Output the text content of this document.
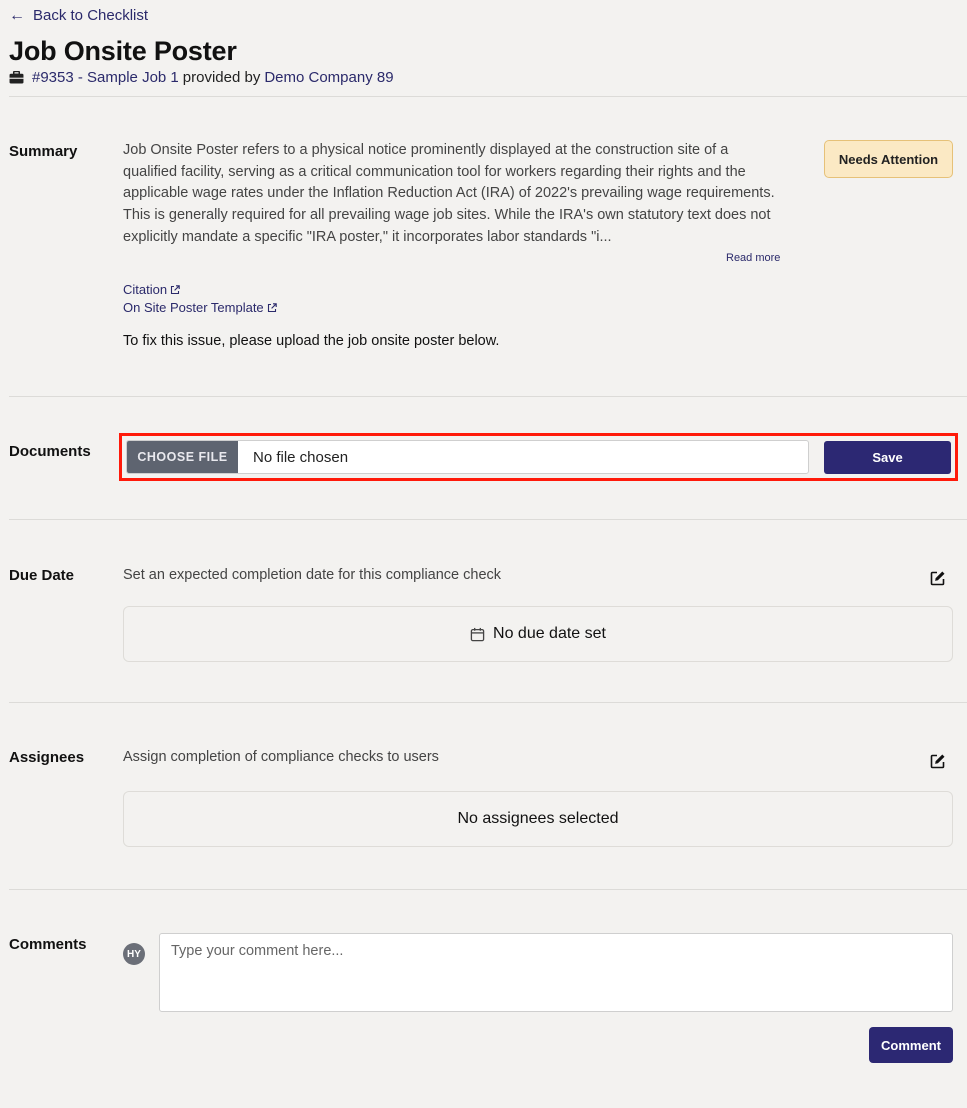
← Back to Checklist
Job Onsite Poster
#9353 - Sample Job 1 provided by Demo Company 89
Summary	Job Onsite Poster refers to a physical notice prominently displayed at the construction site of a qualified facility, serving as a critical communication tool for workers regarding their rights and the applicable wage rates under the Inflation Reduction Act (IRA) of 2022's prevailing wage requirements. This is generally required for all prevailing wage job sites. While the IRA's own statutory text does not explicitly mandate a specific "IRA poster," it incorporates labor standards "i...
Read more
Needs Attention
Citation
On Site Poster Template
To fix this issue, please upload the job onsite poster below.
Documents	CHOOSE FILE	No file chosen	Save
Due Date	Set an expected completion date for this compliance check
No due date set
Assignees	Assign completion of compliance checks to users
No assignees selected
Comments
HY
Type your comment here...
Comment
